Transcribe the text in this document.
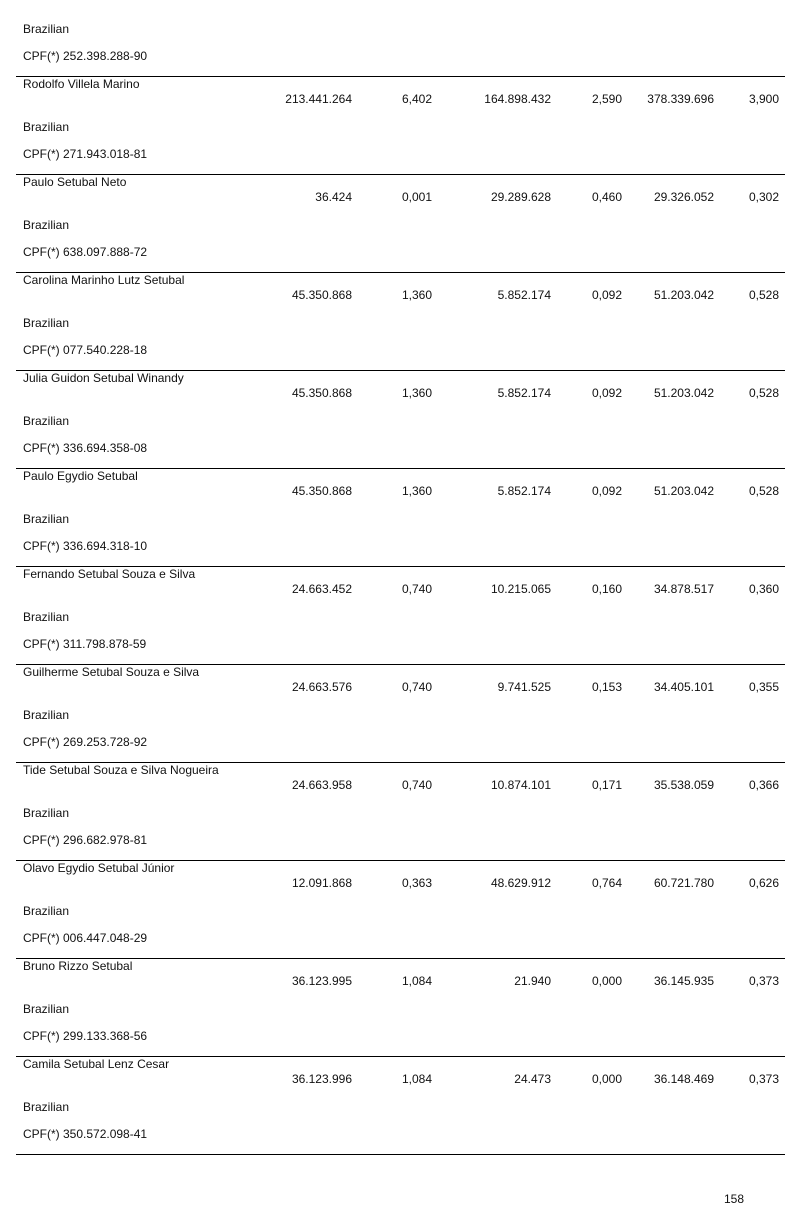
Brazilian
CPF(*) 252.398.288-90
Rodolfo Villela Marino
213.441.264	6,402	164.898.432	2,590 378.339.696	3,900
Brazilian
CPF(*) 271.943.018-81
Paulo Setubal Neto
36.424	0,001	29.289.628	0,460	29.326.052	0,302
Brazilian
CPF(*) 638.097.888-72
Carolina Marinho Lutz Setubal
45.350.868	1,360	5.852.174	0,092	51.203.042	0,528
Brazilian
CPF(*) 077.540.228-18
Julia Guidon Setubal Winandy
45.350.868	1,360	5.852.174	0,092	51.203.042	0,528
Brazilian
CPF(*) 336.694.358-08
Paulo Egydio Setubal
45.350.868	1,360	5.852.174	0,092	51.203.042	0,528
Brazilian
CPF(*) 336.694.318-10
Fernando Setubal Souza e Silva
24.663.452	0,740	10.215.065	0,160	34.878.517	0,360
Brazilian
CPF(*) 311.798.878-59
Guilherme Setubal Souza e Silva
24.663.576	0,740	9.741.525	0,153	34.405.101	0,355
Brazilian
CPF(*) 269.253.728-92
Tide Setubal Souza e Silva Nogueira
24.663.958	0,740	10.874.101	0,171	35.538.059	0,366
Brazilian
CPF(*) 296.682.978-81
Olavo Egydio Setubal Júnior
12.091.868	0,363	48.629.912	0,764	60.721.780	0,626
Brazilian
CPF(*) 006.447.048-29
Bruno Rizzo Setubal
36.123.995	1,084	21.940	0,000	36.145.935	0,373
Brazilian
CPF(*) 299.133.368-56
Camila Setubal Lenz Cesar
36.123.996	1,084	24.473	0,000	36.148.469	0,373
Brazilian
CPF(*) 350.572.098-41
158
